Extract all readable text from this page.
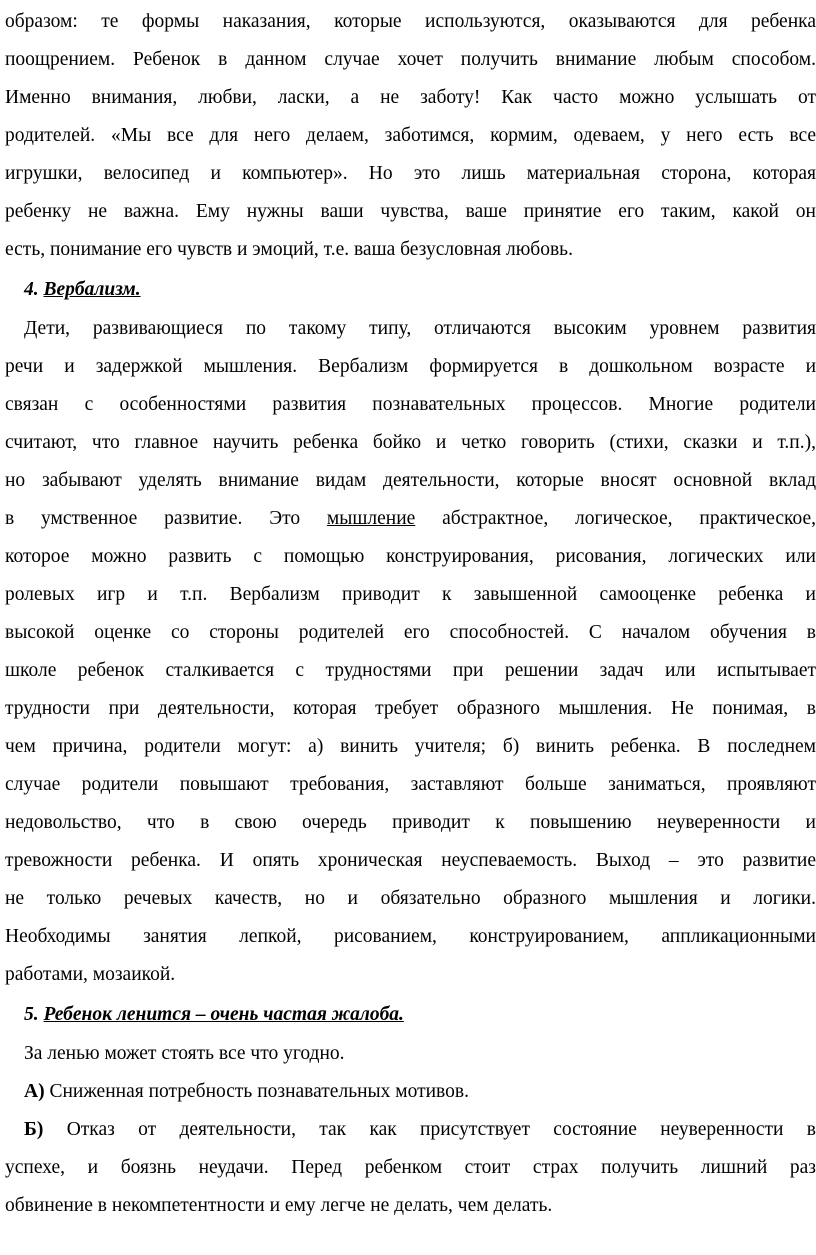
образом: те формы наказания, которые используются, оказываются для ребенка
поощрением. Ребенок в данном случае хочет получить внимание любым способом.
Именно внимания, любви, ласки, а не заботу! Как часто можно услышать от
родителей. «Мы все для него делаем, заботимся, кормим, одеваем, у него есть все
игрушки, велосипед и компьютер». Но это лишь материальная сторона, которая
ребенку не важна. Ему нужны ваши чувства, ваше принятие его таким, какой он
есть, понимание его чувств и эмоций, т.е. ваша безусловная любовь.
4. Вербализм.
Дети, развивающиеся по такому типу, отличаются высоким уровнем развития
речи и задержкой мышления. Вербализм формируется в дошкольном возрасте и
связан с особенностями развития познавательных процессов. Многие родители
считают, что главное научить ребенка бойко и четко говорить (стихи, сказки и т.п.),
но забывают уделять внимание видам деятельности, которые вносят основной вклад
в умственное развитие. Это мышление абстрактное, логическое, практическое,
которое можно развить с помощью конструирования, рисования, логических или
ролевых игр и т.п. Вербализм приводит к завышенной самооценке ребенка и
высокой оценке со стороны родителей его способностей. С началом обучения в
школе ребенок сталкивается с трудностями при решении задач или испытывает
трудности при деятельности, которая требует образного мышления. Не понимая, в
чем причина, родители могут: а) винить учителя; б) винить ребенка. В последнем
случае родители повышают требования, заставляют больше заниматься, проявляют
недовольство, что в свою очередь приводит к повышению неуверенности и
тревожности ребенка. И опять хроническая неуспеваемость. Выход – это развитие
не только речевых качеств, но и обязательно образного мышления и логики.
Необходимы занятия лепкой, рисованием, конструированием, аппликационными
работами, мозаикой.
5. Ребенок ленится – очень частая жалоба.
За ленью может стоять все что угодно.
А) Сниженная потребность познавательных мотивов.
Б) Отказ от деятельности, так как присутствует состояние неуверенности в
успехе, и боязнь неудачи. Перед ребенком стоит страх получить лишний раз
обвинение в некомпетентности и ему легче не делать, чем делать.
